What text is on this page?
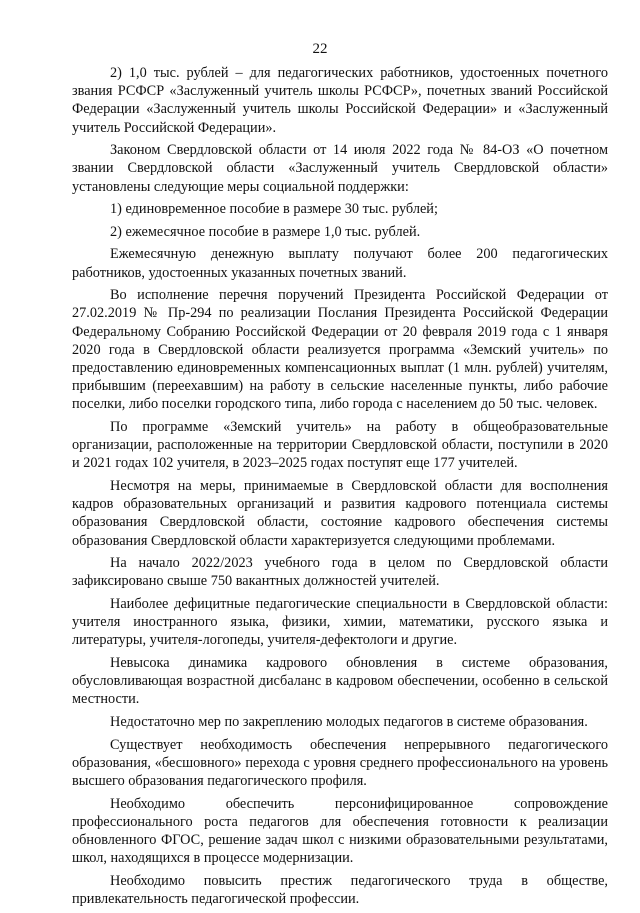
22

2) 1,0 тыс. рублей – для педагогических работников, удостоенных почетного звания РСФСР «Заслуженный учитель школы РСФСР», почетных званий Российской Федерации «Заслуженный учитель школы Российской Федерации» и «Заслуженный учитель Российской Федерации».

Законом Свердловской области от 14 июля 2022 года № 84-ОЗ «О почетном звании Свердловской области «Заслуженный учитель Свердловской области» установлены следующие меры социальной поддержки:

1) единовременное пособие в размере 30 тыс. рублей;

2) ежемесячное пособие в размере 1,0 тыс. рублей.

Ежемесячную денежную выплату получают более 200 педагогических работников, удостоенных указанных почетных званий.

Во исполнение перечня поручений Президента Российской Федерации от 27.02.2019 № Пр-294 по реализации Послания Президента Российской Федерации Федеральному Собранию Российской Федерации от 20 февраля 2019 года с 1 января 2020 года в Свердловской области реализуется программа «Земский учитель» по предоставлению единовременных компенсационных выплат (1 млн. рублей) учителям, прибывшим (переехавшим) на работу в сельские населенные пункты, либо рабочие поселки, либо поселки городского типа, либо города с населением до 50 тыс. человек.

По программе «Земский учитель» на работу в общеобразовательные организации, расположенные на территории Свердловской области, поступили в 2020 и 2021 годах 102 учителя, в 2023–2025 годах поступят еще 177 учителей.

Несмотря на меры, принимаемые в Свердловской области для восполнения кадров образовательных организаций и развития кадрового потенциала системы образования Свердловской области, состояние кадрового обеспечения системы образования Свердловской области характеризуется следующими проблемами.

На начало 2022/2023 учебного года в целом по Свердловской области зафиксировано свыше 750 вакантных должностей учителей.

Наиболее дефицитные педагогические специальности в Свердловской области: учителя иностранного языка, физики, химии, математики, русского языка и литературы, учителя-логопеды, учителя-дефектологи и другие.

Невысока динамика кадрового обновления в системе образования, обусловливающая возрастной дисбаланс в кадровом обеспечении, особенно в сельской местности.

Недостаточно мер по закреплению молодых педагогов в системе образования.

Существует необходимость обеспечения непрерывного педагогического образования, «бесшовного» перехода с уровня среднего профессионального на уровень высшего образования педагогического профиля.

Необходимо обеспечить персонифицированное сопровождение профессионального роста педагогов для обеспечения готовности к реализации обновленного ФГОС, решение задач школ с низкими образовательными результатами, школ, находящихся в процессе модернизации.

Необходимо повысить престиж педагогического труда в обществе, привлекательность педагогической профессии.
